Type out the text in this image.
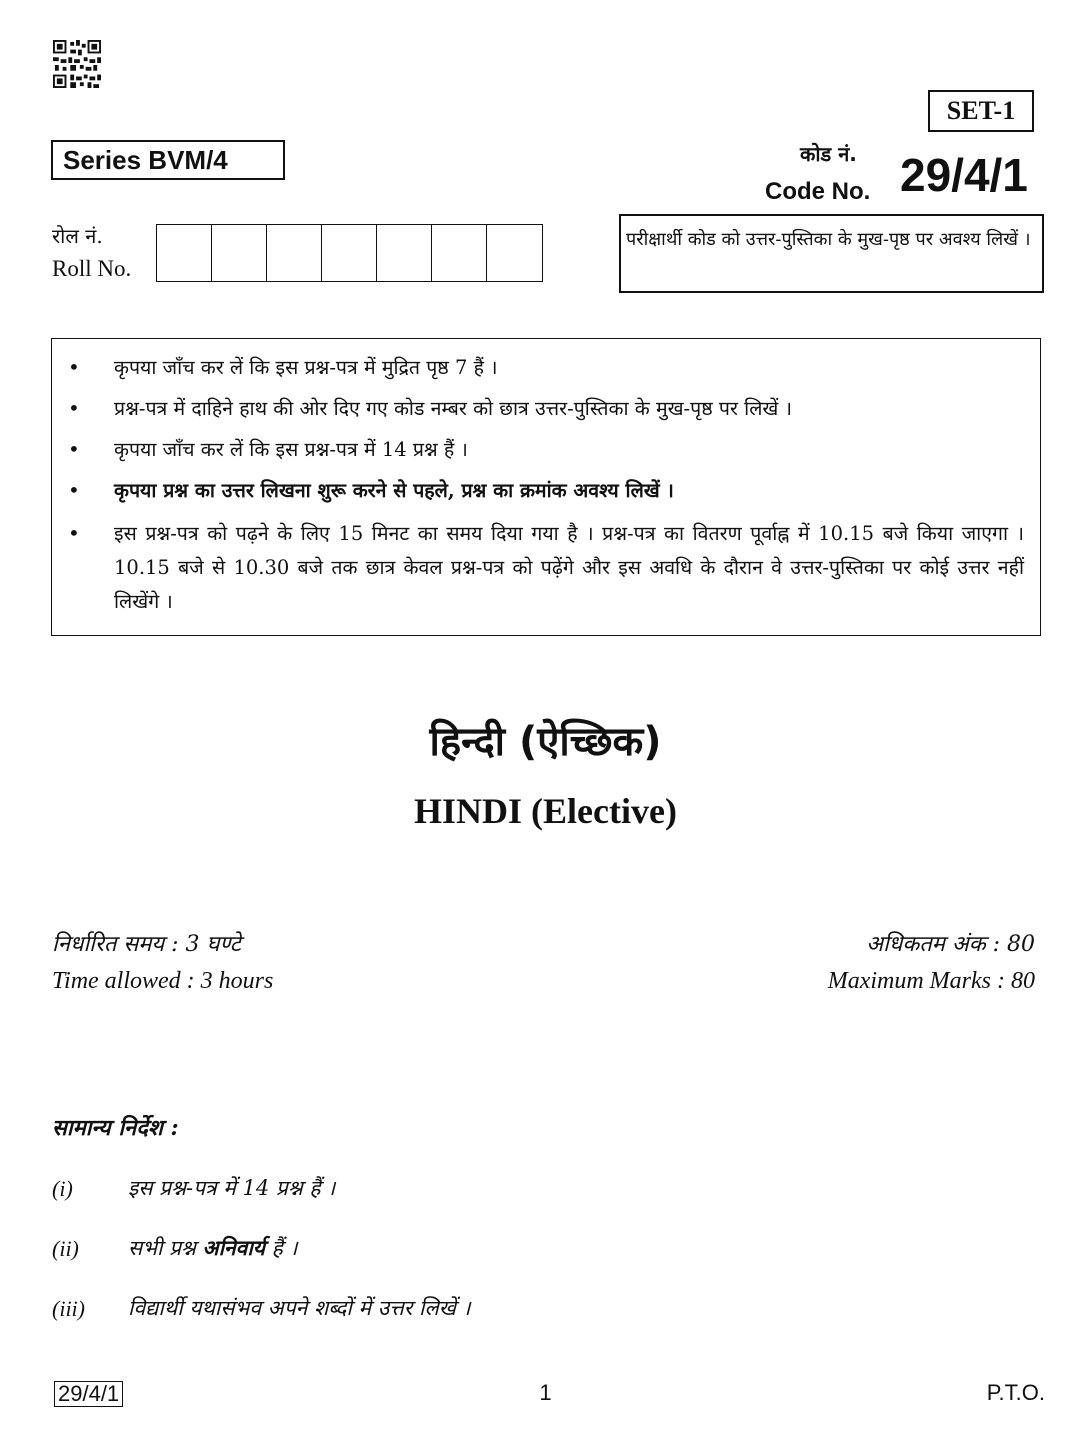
SET-1
Series BVM/4	कोड नं.
Code No. 29/4/1
रोल नं.
Roll No.
परीक्षार्थी कोड को उत्तर-पुस्तिका के मुख-पृष्ठ पर अवश्य लिखें ।
• कृपया जाँच कर लें कि इस प्रश्न-पत्र में मुद्रित पृष्ठ 7 हैं ।
• प्रश्न-पत्र में दाहिने हाथ की ओर दिए गए कोड नम्बर को छात्र उत्तर-पुस्तिका के मुख-पृष्ठ पर लिखें ।
• कृपया जाँच कर लें कि इस प्रश्न-पत्र में 14 प्रश्न हैं ।
• कृपया प्रश्न का उत्तर लिखना शुरू करने से पहले, प्रश्न का क्रमांक अवश्य लिखें ।
• इस प्रश्न-पत्र को पढ़ने के लिए 15 मिनट का समय दिया गया है । प्रश्न-पत्र का वितरण पूर्वाह्न में 10.15 बजे किया जाएगा । 10.15 बजे से 10.30 बजे तक छात्र केवल प्रश्न-पत्र को पढ़ेंगे और इस अवधि के दौरान वे उत्तर-पुस्तिका पर कोई उत्तर नहीं लिखेंगे ।
हिन्दी (ऐच्छिक)
HINDI (Elective)
निर्धारित समय : 3 घण्टे
Time allowed : 3 hours
अधिकतम अंक : 80
Maximum Marks : 80
सामान्य निर्देश :
(i)	इस प्रश्न-पत्र में 14 प्रश्न हैं ।
(ii) सभी प्रश्न अनिवार्य हैं ।
(iii) विद्यार्थी यथासंभव अपने शब्दों में उत्तर लिखें ।
29/4/1	1	P.T.O.
